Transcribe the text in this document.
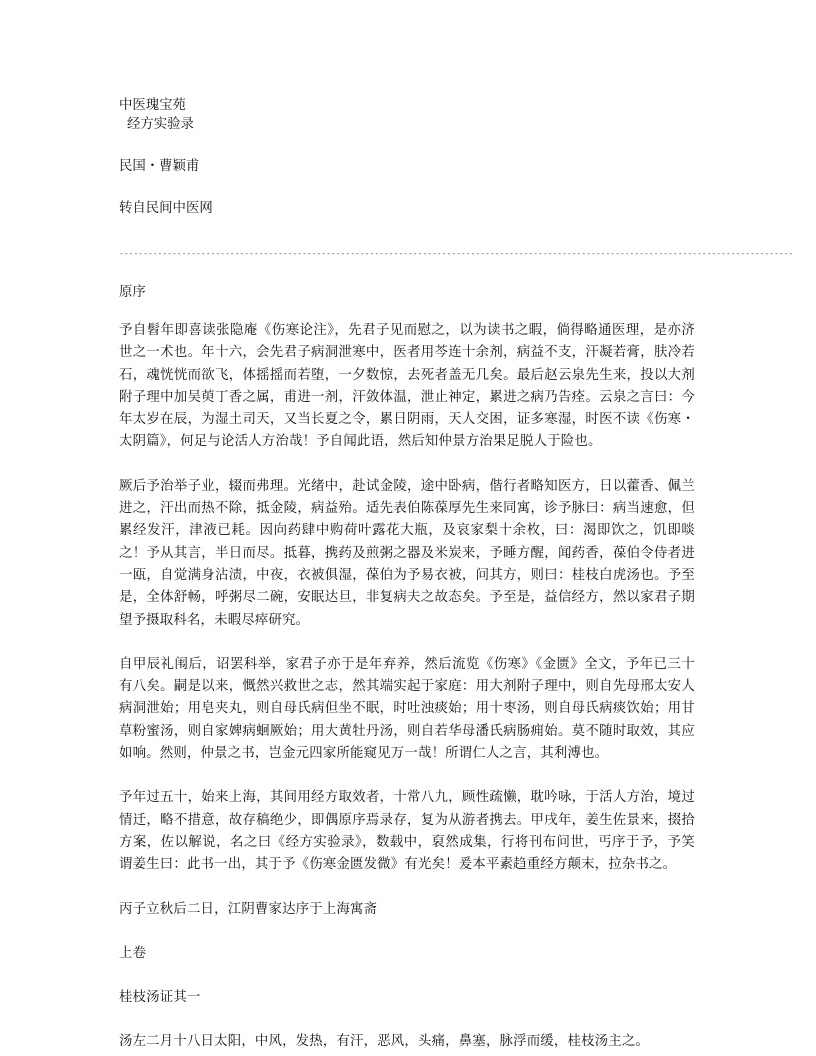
中医瑰宝苑

经方实验录

民国・曹颖甫

转自民间中医网

--------------------------------------------------------------------------------------------------------------------------------------------

原序

予自髫年即喜读张隐庵《伤寒论注》，先君子见而慰之，以为读书之暇，倘得略通医理，是亦济世之一术也。年十六，会先君子病洞泄寒中，医者用芩连十余剂，病益不支，汗凝若膏，肤冷若石，魂恍恍而欲飞，体摇摇而若堕，一夕数惊，去死者盖无几矣。最后赵云泉先生来，投以大剂附子理中加吴萸丁香之属，甫进一剂，汗敛体温，泄止神定，累进之病乃告痊。云泉之言曰：今年太岁在辰，为湿土司天，又当长夏之令，累日阴雨，天人交困，证多寒湿，时医不读《伤寒・太阴篇》，何足与论活人方治哉！予自闻此语，然后知仲景方治果足脱人于险也。

厥后予治举子业，辍而弗理。光绪中，赴试金陵，途中卧病，偕行者略知医方，日以藿香、佩兰进之，汗出而热不除，抵金陵，病益殆。适先表伯陈葆厚先生来同寓，诊予脉曰：病当速愈，但累经发汗，津液已耗。因向药肆中购荷叶露花大瓶，及哀家梨十余枚，曰：渴即饮之，饥即啖之！予从其言，半日而尽。抵暮，携药及煎粥之器及米炭来，予睡方醒，闻药香，葆伯令侍者进一瓯，自觉满身沾渍，中夜，衣被俱湿，葆伯为予易衣被，问其方，则曰：桂枝白虎汤也。予至是，全体舒畅，呼粥尽二碗，安眠达旦，非复病夫之故态矣。予至是，益信经方，然以家君子期望予摄取科名，未暇尽瘁研究。

自甲辰礼闱后，诏罢科举，家君子亦于是年弃养，然后流览《伤寒》《金匮》全文，予年已三十有八矣。嗣是以来，慨然兴救世之志，然其端实起于家庭：用大剂附子理中，则自先母邢太安人病洞泄始；用皂夹丸，则自母氏病但坐不眠，时吐浊痰始；用十枣汤，则自母氏病痰饮始；用甘草粉蜜汤，则自家婢病蛔厥始；用大黄牡丹汤，则自若华母潘氏病肠痈始。莫不随时取效，其应如响。然则，仲景之书，岂金元四家所能窥见万一哉！所谓仁人之言，其利溥也。

予年过五十，始来上海，其间用经方取效者，十常八九，顾性疏懒，耽吟咏，于活人方治，境过情迁，略不措意，故存稿绝少，即偶原序焉录存，复为从游者携去。甲戌年，姜生佐景来，掇拾方案，佐以解说，名之曰《经方实验录》，数载中，裒然成集，行将刊布问世，丐序于予，予笑谓姜生曰：此书一出，其于予《伤寒金匮发微》有光矣！爰本平素趋重经方颠末，拉杂书之。

丙子立秋后二日，江阴曹家达序于上海寓斋

上卷

桂枝汤证其一

汤左二月十八日太阳，中风，发热，有汗，恶风，头痛，鼻塞，脉浮而缓，桂枝汤主之。
